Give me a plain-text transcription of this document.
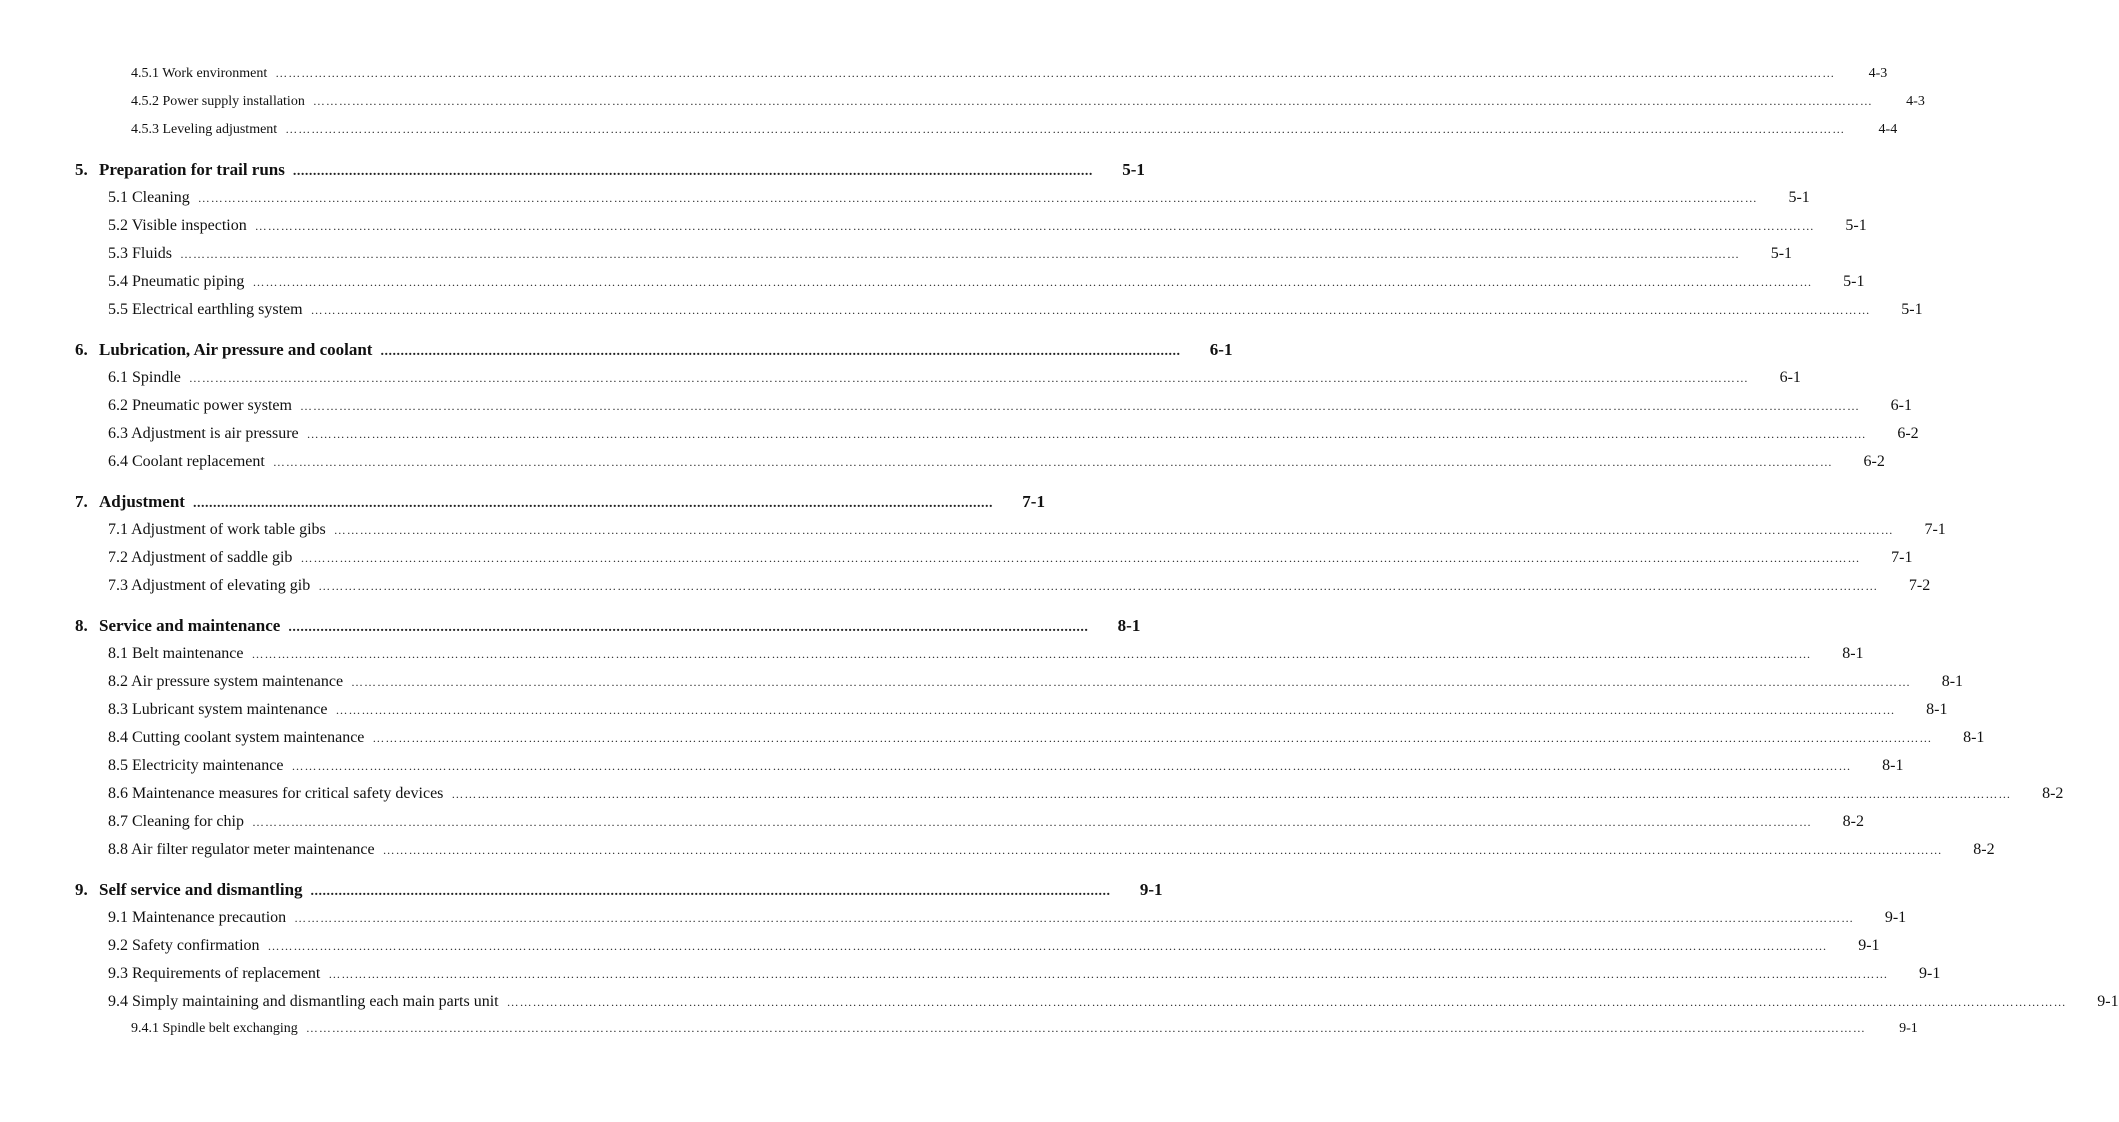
4.5.1 Work environment ………………………………………………………………………………………………………………………………………………………………………………………………………………………………………………………………………………………………………………………………	4-3
4.5.2 Power supply installation ………………………………………………………………………………………………………………………………………………………………………………………………………………………………………………………………………………………………………………………………	4-3
4.5.3 Leveling adjustment ………………………………………………………………………………………………………………………………………………………………………………………………………………………………………………………………………………………………………………………………	4-4
5. Preparation for trail runs ........................................................................................................................................................................................................	5-1
5.1 Cleaning ………………………………………………………………………………………………………………………………………………………………………………………………………………………………………………………………………………………………………………………………	5-1
5.2 Visible inspection ………………………………………………………………………………………………………………………………………………………………………………………………………………………………………………………………………………………………………………………………	5-1
5.3 Fluids ………………………………………………………………………………………………………………………………………………………………………………………………………………………………………………………………………………………………………………………………	5-1
5.4 Pneumatic piping ………………………………………………………………………………………………………………………………………………………………………………………………………………………………………………………………………………………………………………………………	5-1
5.5 Electrical earthling system ………………………………………………………………………………………………………………………………………………………………………………………………………………………………………………………………………………………………………………………………	5-1
6. Lubrication, Air pressure and coolant ........................................................................................................................................................................................................	6-1
6.1 Spindle ………………………………………………………………………………………………………………………………………………………………………………………………………………………………………………………………………………………………………………………………	6-1
6.2 Pneumatic power system ………………………………………………………………………………………………………………………………………………………………………………………………………………………………………………………………………………………………………………………………	6-1
6.3 Adjustment is air pressure ………………………………………………………………………………………………………………………………………………………………………………………………………………………………………………………………………………………………………………………………	6-2
6.4 Coolant replacement ………………………………………………………………………………………………………………………………………………………………………………………………………………………………………………………………………………………………………………………………	6-2
7. Adjustment ........................................................................................................................................................................................................	7-1
7.1 Adjustment of work table gibs ………………………………………………………………………………………………………………………………………………………………………………………………………………………………………………………………………………………………………………………………	7-1
7.2 Adjustment of saddle gib ………………………………………………………………………………………………………………………………………………………………………………………………………………………………………………………………………………………………………………………………	7-1
7.3 Adjustment of elevating gib ………………………………………………………………………………………………………………………………………………………………………………………………………………………………………………………………………………………………………………………………	7-2
8. Service and maintenance ........................................................................................................................................................................................................	8-1
8.1 Belt maintenance ………………………………………………………………………………………………………………………………………………………………………………………………………………………………………………………………………………………………………………………………	8-1
8.2 Air pressure system maintenance ………………………………………………………………………………………………………………………………………………………………………………………………………………………………………………………………………………………………………………………………	8-1
8.3 Lubricant system maintenance ………………………………………………………………………………………………………………………………………………………………………………………………………………………………………………………………………………………………………………………………	8-1
8.4 Cutting coolant system maintenance ………………………………………………………………………………………………………………………………………………………………………………………………………………………………………………………………………………………………………………………………	8-1
8.5 Electricity maintenance ………………………………………………………………………………………………………………………………………………………………………………………………………………………………………………………………………………………………………………………………	8-1
8.6 Maintenance measures for critical safety devices ………………………………………………………………………………………………………………………………………………………………………………………………………………………………………………………………………………………………………………………………	8-2
8.7 Cleaning for chip ………………………………………………………………………………………………………………………………………………………………………………………………………………………………………………………………………………………………………………………………	8-2
8.8 Air filter regulator meter maintenance ………………………………………………………………………………………………………………………………………………………………………………………………………………………………………………………………………………………………………………………………	8-2
9. Self service and dismantling ........................................................................................................................................................................................................	9-1
9.1 Maintenance precaution ………………………………………………………………………………………………………………………………………………………………………………………………………………………………………………………………………………………………………………………………	9-1
9.2 Safety confirmation ………………………………………………………………………………………………………………………………………………………………………………………………………………………………………………………………………………………………………………………………	9-1
9.3 Requirements of replacement ………………………………………………………………………………………………………………………………………………………………………………………………………………………………………………………………………………………………………………………………	9-1
9.4 Simply maintaining and dismantling each main parts unit ………………………………………………………………………………………………………………………………………………………………………………………………………………………………………………………………………………………………………………………………	9-1
9.4.1 Spindle belt exchanging ………………………………………………………………………………………………………………………………………………………………………………………………………………………………………………………………………………………………………………………………	9-1
